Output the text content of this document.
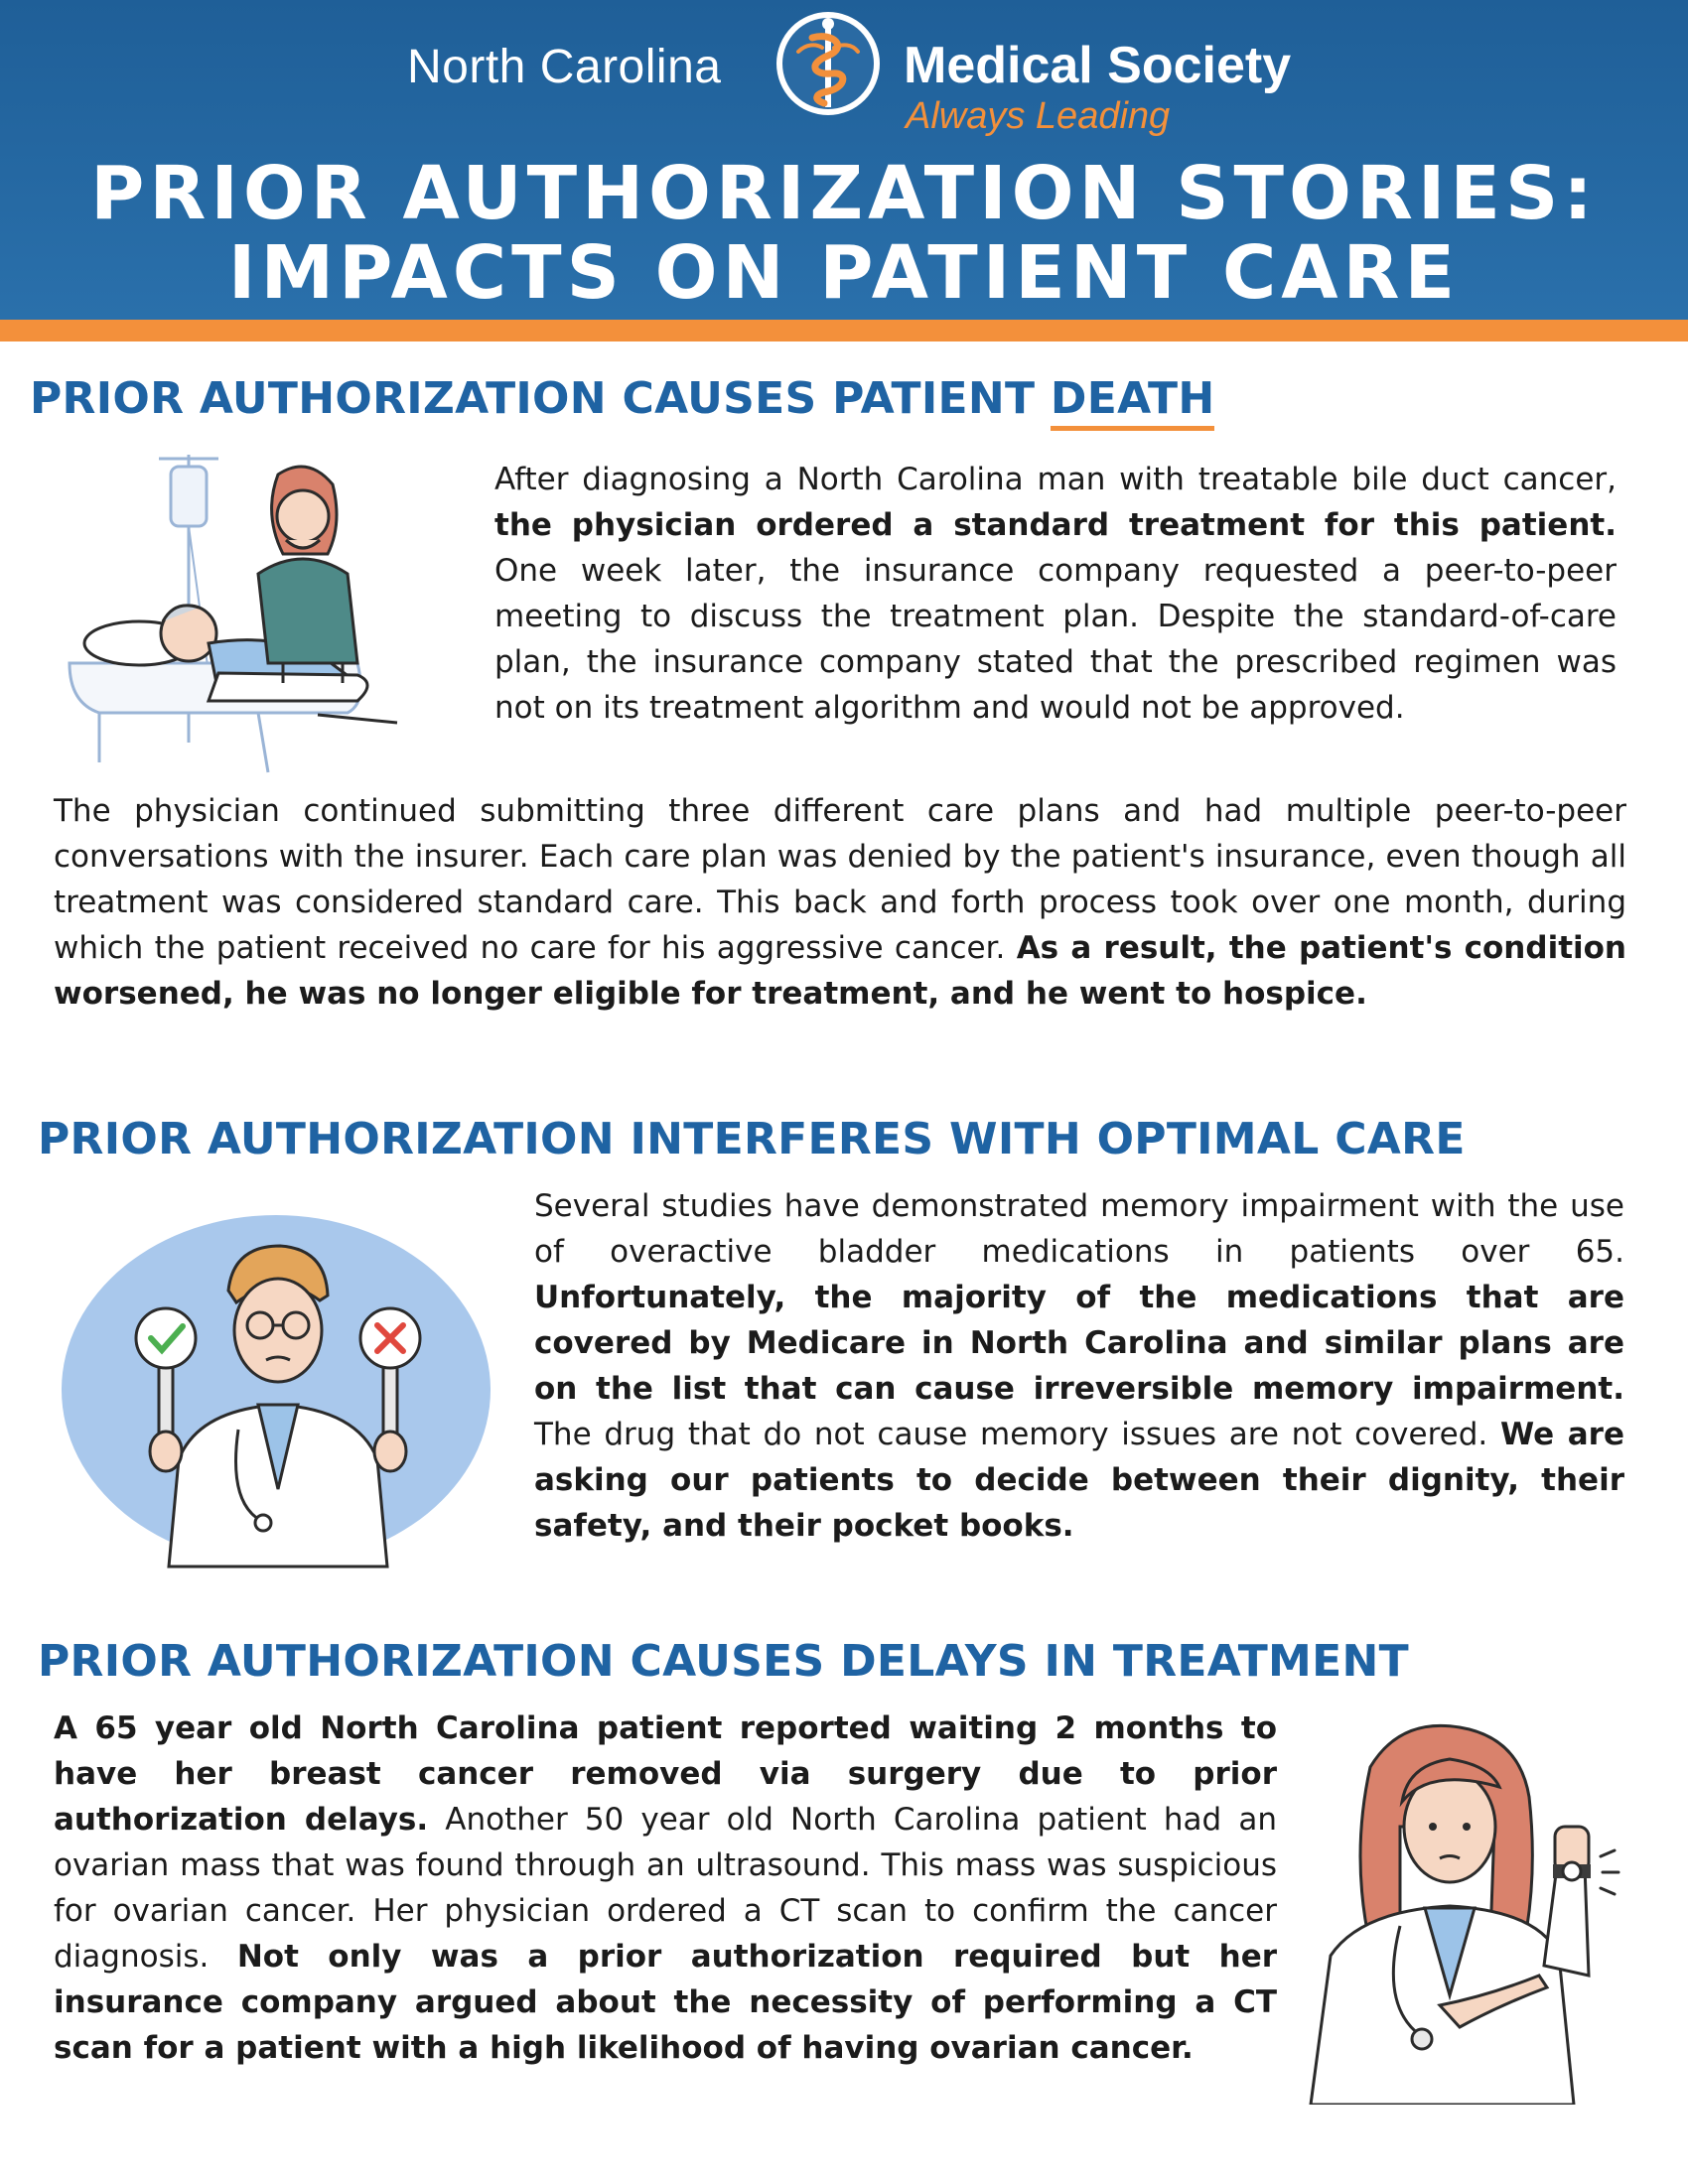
North Carolina	Medical Society
Always Leading
PRIOR AUTHORIZATION STORIES:
IMPACTS ON PATIENT CARE
PRIOR AUTHORIZATION CAUSES PATIENT DEATH
After diagnosing a North Carolina man with treatable bile duct cancer, the physician ordered a standard treatment for this patient. One week later, the insurance company requested a peer-to-peer meeting to discuss the treatment plan. Despite the standard-of-care plan, the insurance company stated that the prescribed regimen was not on its treatment algorithm and would not be approved.
The physician continued submitting three different care plans and had multiple peer-to-peer conversations with the insurer. Each care plan was denied by the patient's insurance, even though all treatment was considered standard care. This back and forth process took over one month, during which the patient received no care for his aggressive cancer. As a result, the patient's condition worsened, he was no longer eligible for treatment, and he went to hospice.
PRIOR AUTHORIZATION INTERFERES WITH OPTIMAL CARE
Several studies have demonstrated memory impairment with the use of overactive bladder medications in patients over 65. Unfortunately, the majority of the medications that are covered by Medicare in North Carolina and similar plans are on the list that can cause irreversible memory impairment. The drug that do not cause memory issues are not covered. We are asking our patients to decide between their dignity, their safety, and their pocket books.
PRIOR AUTHORIZATION CAUSES DELAYS IN TREATMENT
A 65 year old North Carolina patient reported waiting 2 months to have her breast cancer removed via surgery due to prior authorization delays. Another 50 year old North Carolina patient had an ovarian mass that was found through an ultrasound. This mass was suspicious for ovarian cancer. Her physician ordered a CT scan to confirm the cancer diagnosis. Not only was a prior authorization required but her insurance company argued about the necessity of performing a CT scan for a patient with a high likelihood of having ovarian cancer.
